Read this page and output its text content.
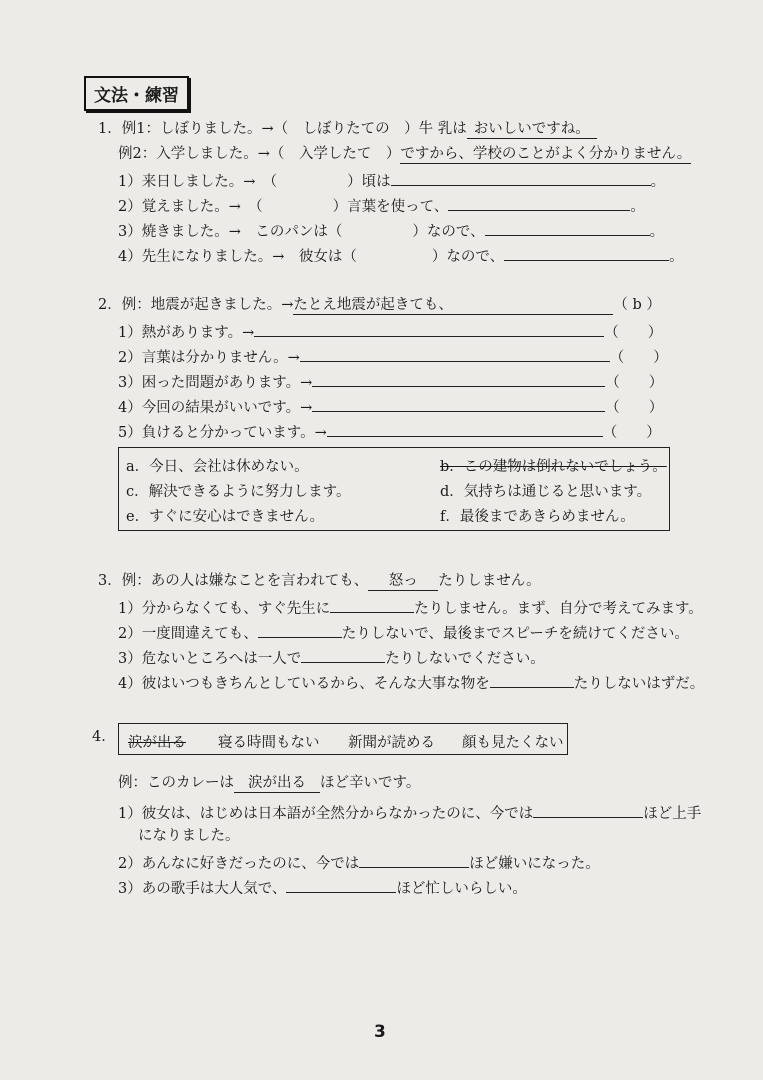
文法・練習
1．例1：しぼりました。→（　しぼりたての　）牛 乳は おいしいですね。
例2：入学しました。→（　入学したて　）ですから、学校のことがよく分かりません。
1）来日しました。→　（	）頃は	。
2）覚えました。→　（	）言葉を使って、	。
3）焼きました。→　このパンは（	）なので、	。
4）先生になりました。→　彼女は（	）なので、	。
2．例：地震が起きました。→たとえ地震が起きても、	（ b ）
1）熱があります。→	（　　）
2）言葉は分かりません。→	（　　）
3）困った問題があります。→	（　　）
4）今回の結果がいいです。→	（　　）
5）負けると分かっています。→	（　　）
a．今日、会社は休めない。	b．この建物は倒れないでしょう。
c．解決できるように努力します。	d．気持ちは通じると思います。
e．すぐに安心はできません。	f．最後まであきらめません。
3．例：あの人は嫌なことを言われても、 怒っ たりしません。
1）分からなくても、すぐ先生に	たりしません。まず、自分で考えてみます。
2）一度間違えても、	たりしないで、最後までスピーチを続けてください。
3）危ないところへは一人で	たりしないでください。
4）彼はいつもきちんとしているから、そんな大事な物を	たりしないはずだ。
4． 涙が出る 寝る時間もない 新聞が読める 顔も見たくない
例：このカレーは 涙が出る ほど辛いです。
1）彼女は、はじめは日本語が全然分からなかったのに、今では	ほど上手
になりました。
2）あんなに好きだったのに、今では	ほど嫌いになった。
3）あの歌手は大人気で、	ほど忙しいらしい。
3
